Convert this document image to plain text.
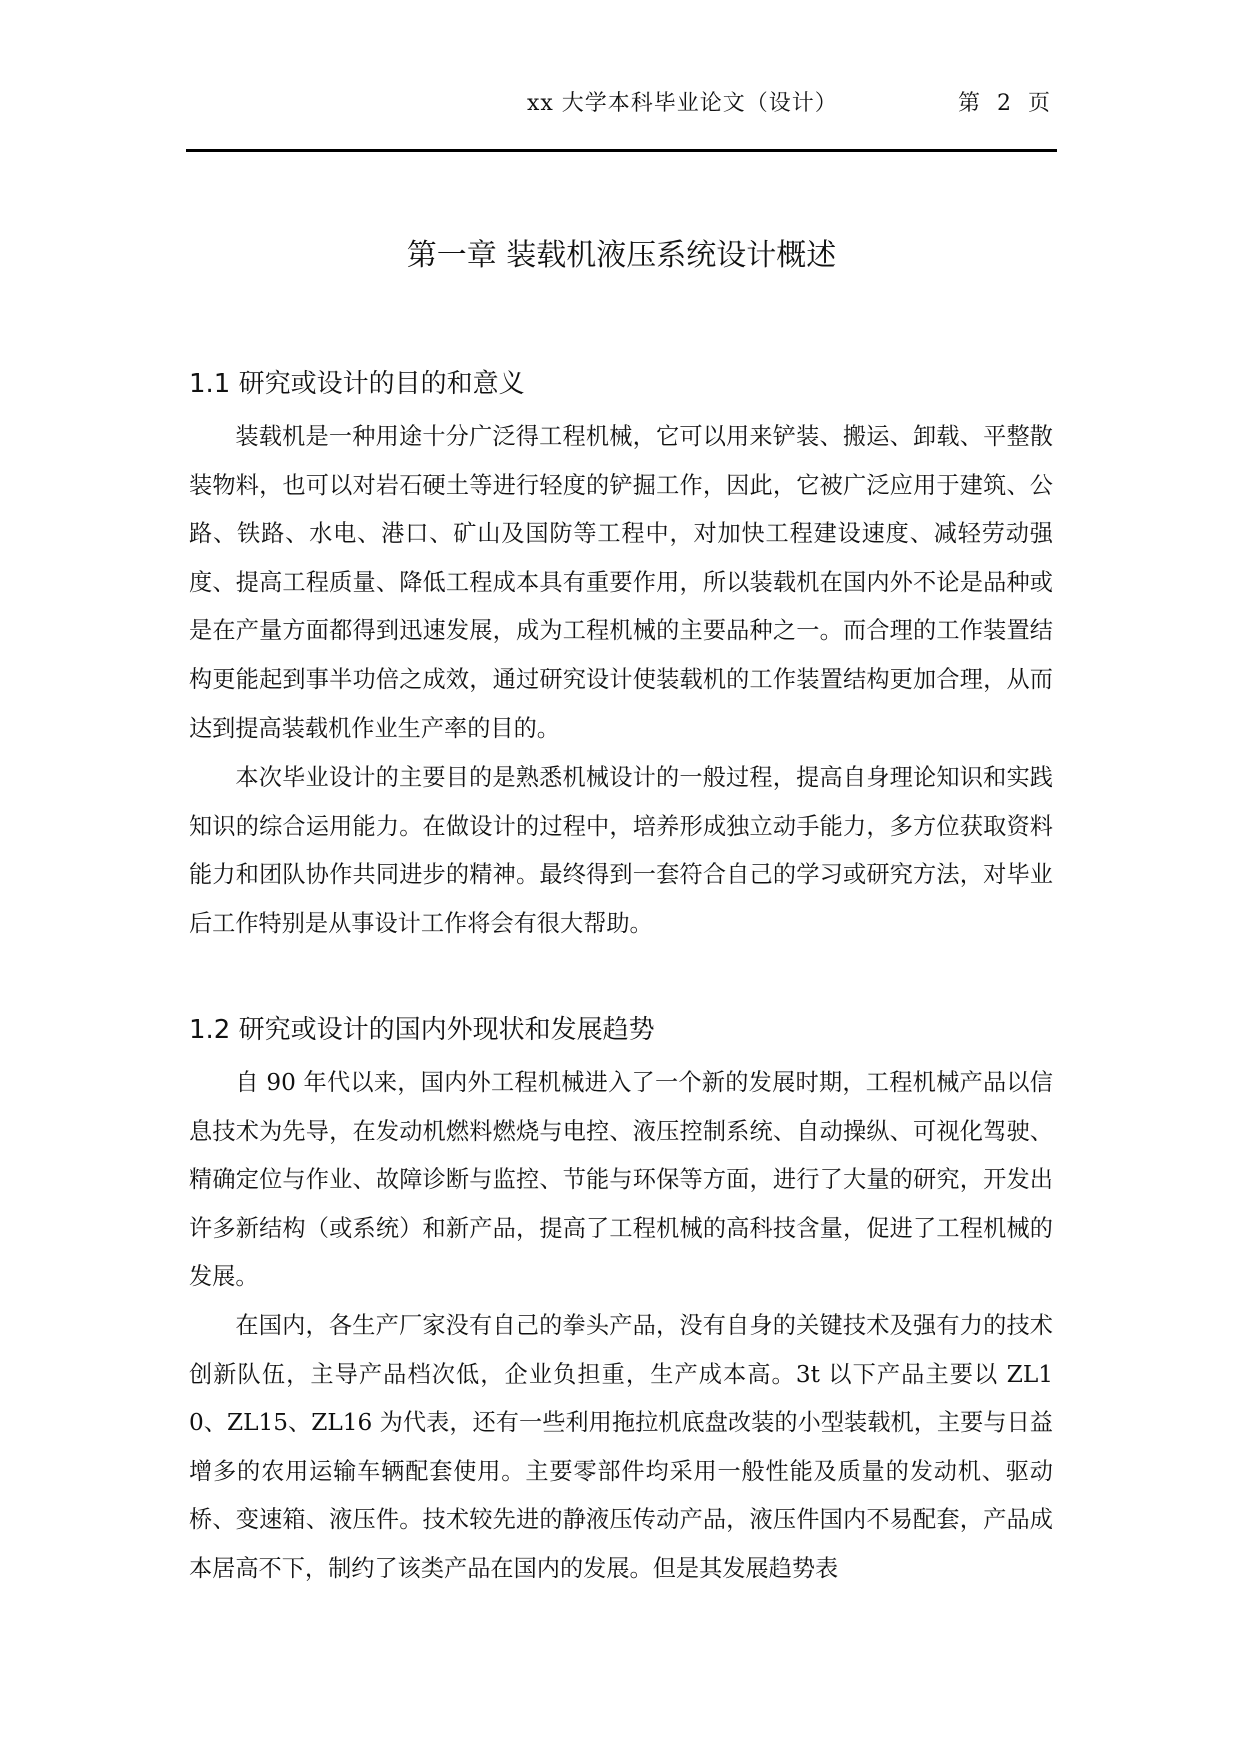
xx 大学本科毕业论文（设计）	第 2 页
第一章 装载机液压系统设计概述
1.1 研究或设计的目的和意义

装载机是一种用途十分广泛得工程机械，它可以用来铲装、搬运、卸载、平整散装物料，也可以对岩石硬土等进行轻度的铲掘工作，因此，它被广泛应用于建筑、公路、铁路、水电、港口、矿山及国防等工程中，对加快工程建设速度、减轻劳动强度、提高工程质量、降低工程成本具有重要作用，所以装载机在国内外不论是品种或是在产量方面都得到迅速发展，成为工程机械的主要品种之一。而合理的工作装置结构更能起到事半功倍之成效，通过研究设计使装载机的工作装置结构更加合理，从而达到提高装载机作业生产率的目的。

本次毕业设计的主要目的是熟悉机械设计的一般过程，提高自身理论知识和实践知识的综合运用能力。在做设计的过程中，培养形成独立动手能力，多方位获取资料能力和团队协作共同进步的精神。最终得到一套符合自己的学习或研究方法，对毕业后工作特别是从事设计工作将会有很大帮助。

1.2 研究或设计的国内外现状和发展趋势

自 90 年代以来，国内外工程机械进入了一个新的发展时期，工程机械产品以信息技术为先导，在发动机燃料燃烧与电控、液压控制系统、自动操纵、可视化驾驶、精确定位与作业、故障诊断与监控、节能与环保等方面，进行了大量的研究，开发出许多新结构（或系统）和新产品，提高了工程机械的高科技含量，促进了工程机械的发展。

在国内，各生产厂家没有自己的拳头产品，没有自身的关键技术及强有力的技术创新队伍，主导产品档次低，企业负担重，生产成本高。3t 以下产品主要以 ZL10、ZL15、ZL16 为代表，还有一些利用拖拉机底盘改装的小型装载机，主要与日益增多的农用运输车辆配套使用。主要零部件均采用一般性能及质量的发动机、驱动桥、变速箱、液压件。技术较先进的静液压传动产品，液压件国内不易配套，产品成本居高不下，制约了该类产品在国内的发展。但是其发展趋势表
